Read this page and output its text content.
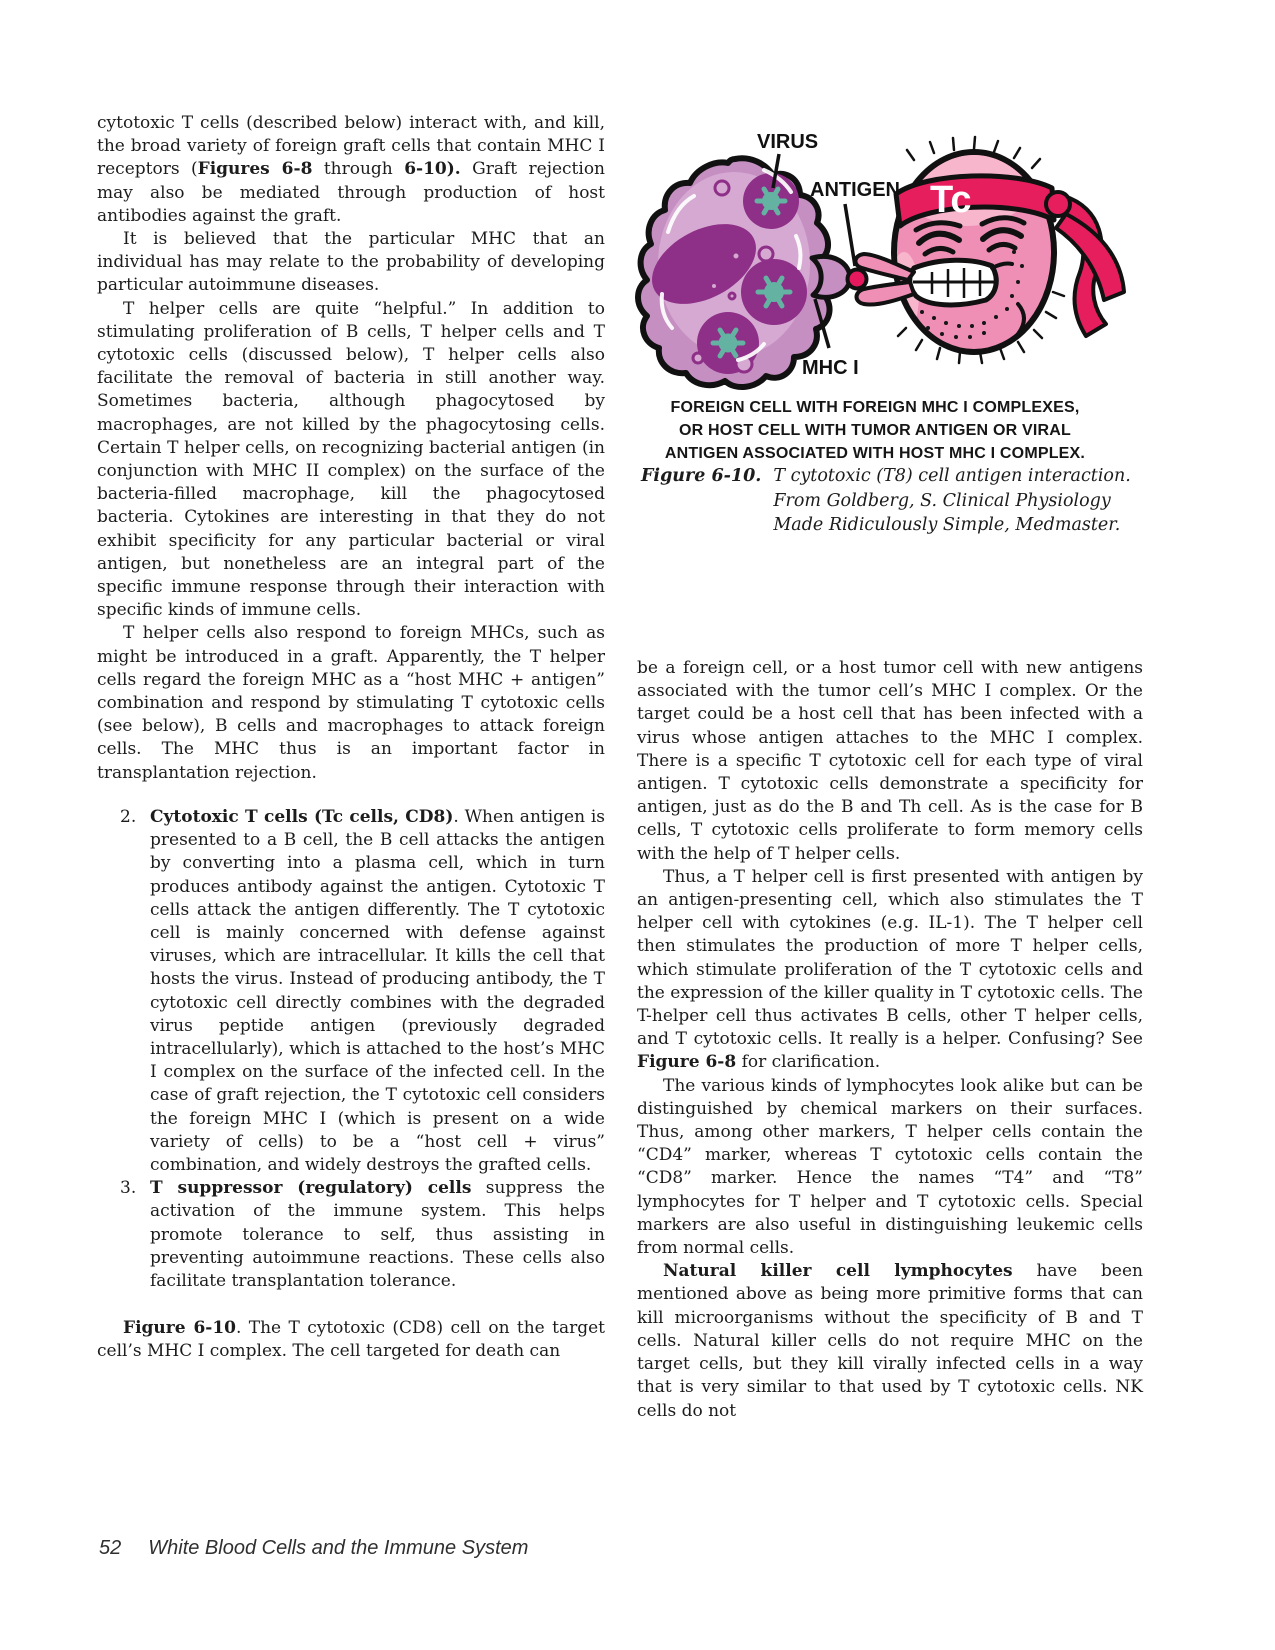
cytotoxic T cells (described below) interact with, and kill, the broad variety of foreign graft cells that contain MHC I receptors (Figures 6-8 through 6-10). Graft rejection may also be mediated through production of host antibodies against the graft.

It is believed that the particular MHC that an individual has may relate to the probability of developing particular autoimmune diseases.

T helper cells are quite “helpful.” In addition to stimulating proliferation of B cells, T helper cells and T cytotoxic cells (discussed below), T helper cells also facilitate the removal of bacteria in still another way. Sometimes bacteria, although phagocytosed by macrophages, are not killed by the phagocytosing cells. Certain T helper cells, on recognizing bacterial antigen (in conjunction with MHC II complex) on the surface of the bacteria-filled macrophage, kill the phagocytosed bacteria. Cytokines are interesting in that they do not exhibit specificity for any particular bacterial or viral antigen, but nonetheless are an integral part of the specific immune response through their interaction with specific kinds of immune cells.

T helper cells also respond to foreign MHCs, such as might be introduced in a graft. Apparently, the T helper cells regard the foreign MHC as a “host MHC + antigen” combination and respond by stimulating T cytotoxic cells (see below), B cells and macrophages to attack foreign cells. The MHC thus is an important factor in transplantation rejection.

2. Cytotoxic T cells (Tc cells, CD8). When antigen is presented to a B cell, the B cell attacks the antigen by converting into a plasma cell, which in turn produces antibody against the antigen. Cytotoxic T cells attack the antigen differently. The T cytotoxic cell is mainly concerned with defense against viruses, which are intracellular. It kills the cell that hosts the virus. Instead of producing antibody, the T cytotoxic cell directly combines with the degraded virus peptide antigen (previously degraded intracellularly), which is attached to the host’s MHC I complex on the surface of the infected cell. In the case of graft rejection, the T cytotoxic cell considers the foreign MHC I (which is present on a wide variety of cells) to be a “host cell + virus” combination, and widely destroys the grafted cells.
3. T suppressor (regulatory) cells suppress the activation of the immune system. This helps promote tolerance to self, thus assisting in preventing autoimmune reactions. These cells also facilitate transplantation tolerance.

Figure 6-10. The T cytotoxic (CD8) cell on the target cell’s MHC I complex. The cell targeted for death can

Tc
VIRUS
ANTIGEN
MHC I
FOREIGN CELL WITH FOREIGN MHC I COMPLEXES,
OR HOST CELL WITH TUMOR ANTIGEN OR VIRAL
ANTIGEN ASSOCIATED WITH HOST MHC I COMPLEX.
Figure 6-10. T cytotoxic (T8) cell antigen interaction. From Goldberg, S. Clinical Physiology Made Ridiculously Simple, Medmaster.

be a foreign cell, or a host tumor cell with new antigens associated with the tumor cell’s MHC I complex. Or the target could be a host cell that has been infected with a virus whose antigen attaches to the MHC I complex. There is a specific T cytotoxic cell for each type of viral antigen. T cytotoxic cells demonstrate a specificity for antigen, just as do the B and Th cell. As is the case for B cells, T cytotoxic cells proliferate to form memory cells with the help of T helper cells.

Thus, a T helper cell is first presented with antigen by an antigen-presenting cell, which also stimulates the T helper cell with cytokines (e.g. IL-1). The T helper cell then stimulates the production of more T helper cells, which stimulate proliferation of the T cytotoxic cells and the expression of the killer quality in T cytotoxic cells. The T-helper cell thus activates B cells, other T helper cells, and T cytotoxic cells. It really is a helper. Confusing? See Figure 6-8 for clarification.

The various kinds of lymphocytes look alike but can be distinguished by chemical markers on their surfaces. Thus, among other markers, T helper cells contain the “CD4” marker, whereas T cytotoxic cells contain the “CD8” marker. Hence the names “T4” and “T8” lymphocytes for T helper and T cytotoxic cells. Special markers are also useful in distinguishing leukemic cells from normal cells.

Natural killer cell lymphocytes have been mentioned above as being more primitive forms that can kill microorganisms without the specificity of B and T cells. Natural killer cells do not require MHC on the target cells, but they kill virally infected cells in a way that is very similar to that used by T cytotoxic cells. NK cells do not

52 White Blood Cells and the Immune System
